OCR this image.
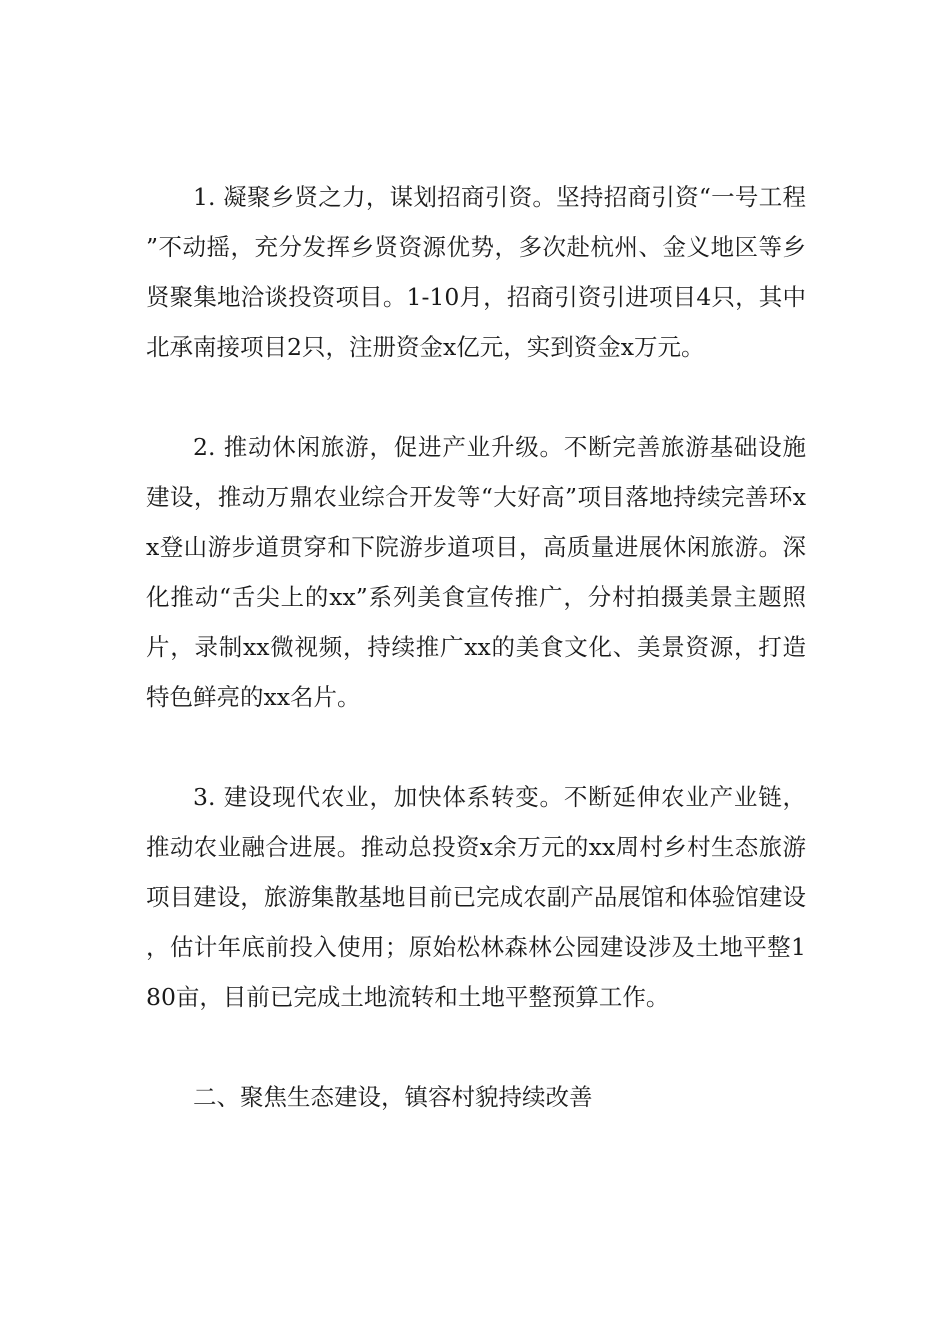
1. 凝聚乡贤之力，谋划招商引资。坚持招商引资“一号工程”不动摇，充分发挥乡贤资源优势，多次赴杭州、金义地区等乡贤聚集地洽谈投资项目。1-10月，招商引资引进项目4只，其中北承南接项目2只，注册资金x亿元，实到资金x万元。

2. 推动休闲旅游，促进产业升级。不断完善旅游基础设施建设，推动万鼎农业综合开发等“大好高”项目落地持续完善环xx登山游步道贯穿和下院游步道项目，高质量进展休闲旅游。深化推动“舌尖上的xx”系列美食宣传推广，分村拍摄美景主题照片，录制xx微视频，持续推广xx的美食文化、美景资源，打造特色鲜亮的xx名片。

3. 建设现代农业，加快体系转变。不断延伸农业产业链，推动农业融合进展。推动总投资x余万元的xx周村乡村生态旅游项目建设，旅游集散基地目前已完成农副产品展馆和体验馆建设，估计年底前投入使用；原始松林森林公园建设涉及土地平整180亩，目前已完成土地流转和土地平整预算工作。

二、聚焦生态建设，镇容村貌持续改善
